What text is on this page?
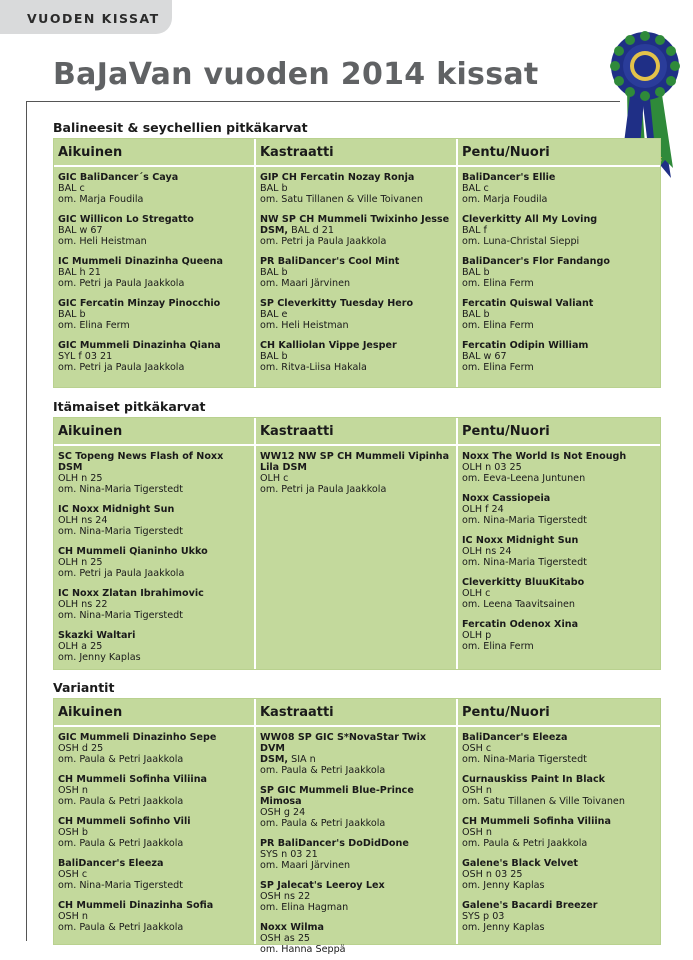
VUODEN KISSAT
BaJaVan vuoden 2014 kissat
Balineesit & seychellien pitkäkarvat
Aikuinen
GIC BaliDancer´s Caya
BAL c
om. Marja Foudila
GIC Willicon Lo Stregatto
BAL w 67
om. Heli Heistman
IC Mummeli Dinazinha Queena
BAL h 21
om. Petri ja Paula Jaakkola
GIC Fercatin Minzay Pinocchio
BAL b
om. Elina Ferm
GIC Mummeli Dinazinha Qiana
SYL f 03 21
om. Petri ja Paula Jaakkola
Kastraatti
GIP CH Fercatin Nozay Ronja
BAL b
om. Satu Tillanen & Ville Toivanen
NW SP CH Mummeli Twixinho Jesse
DSM, BAL d 21
om. Petri ja Paula Jaakkola
PR BaliDancer's Cool Mint
BAL b
om. Maari Järvinen
SP Cleverkitty Tuesday Hero
BAL e
om. Heli Heistman
CH Kalliolan Vippe Jesper
BAL b
om. Ritva-Liisa Hakala
Pentu/Nuori
BaliDancer's Ellie
BAL c
om. Marja Foudila
Cleverkitty All My Loving
BAL f
om. Luna-Christal Sieppi
BaliDancer's Flor Fandango
BAL b
om. Elina Ferm
Fercatin Quiswal Valiant
BAL b
om. Elina Ferm
Fercatin Odipin William
BAL w 67
om. Elina Ferm
Itämaiset pitkäkarvat
Aikuinen
SC Topeng News Flash of Noxx DSM
OLH n 25
om. Nina-Maria Tigerstedt
IC Noxx Midnight Sun
OLH ns 24
om. Nina-Maria Tigerstedt
CH Mummeli Qianinho Ukko
OLH n 25
om. Petri ja Paula Jaakkola
IC Noxx Zlatan Ibrahimovic
OLH ns 22
om. Nina-Maria Tigerstedt
Skazki Waltari
OLH a 25
om. Jenny Kaplas
Kastraatti
WW12 NW SP CH Mummeli Vipinha
Lila DSM
OLH c
om. Petri ja Paula Jaakkola
Pentu/Nuori
Noxx The World Is Not Enough
OLH n 03 25
om. Eeva-Leena Juntunen
Noxx Cassiopeia
OLH f 24
om. Nina-Maria Tigerstedt
IC Noxx Midnight Sun
OLH ns 24
om. Nina-Maria Tigerstedt
Cleverkitty BluuKitabo
OLH c
om. Leena Taavitsainen
Fercatin Odenox Xina
OLH p
om. Elina Ferm
Variantit
Aikuinen
GIC Mummeli Dinazinho Sepe
OSH d 25
om. Paula & Petri Jaakkola
CH Mummeli Sofinha Viliina
OSH n
om. Paula & Petri Jaakkola
CH Mummeli Sofinho Vili
OSH b
om. Paula & Petri Jaakkola
BaliDancer's Eleeza
OSH c
om. Nina-Maria Tigerstedt
CH Mummeli Dinazinha Sofia
OSH n
om. Paula & Petri Jaakkola
Kastraatti
WW08 SP GIC S*NovaStar Twix DVM
DSM, SIA n
om. Paula & Petri Jaakkola
SP GIC Mummeli Blue-Prince Mimosa
OSH g 24
om. Paula & Petri Jaakkola
PR BaliDancer's DoDidDone
SYS n 03 21
om. Maari Järvinen
SP Jalecat's Leeroy Lex
OSH ns 22
om. Elina Hagman
Noxx Wilma
OSH as 25
om. Hanna Seppä
Pentu/Nuori
BaliDancer's Eleeza
OSH c
om. Nina-Maria Tigerstedt
Curnauskiss Paint In Black
OSH n
om. Satu Tillanen & Ville Toivanen
CH Mummeli Sofinha Viliina
OSH n
om. Paula & Petri Jaakkola
Galene's Black Velvet
OSH n 03 25
om. Jenny Kaplas
Galene's Bacardi Breezer
SYS p 03
om. Jenny Kaplas
